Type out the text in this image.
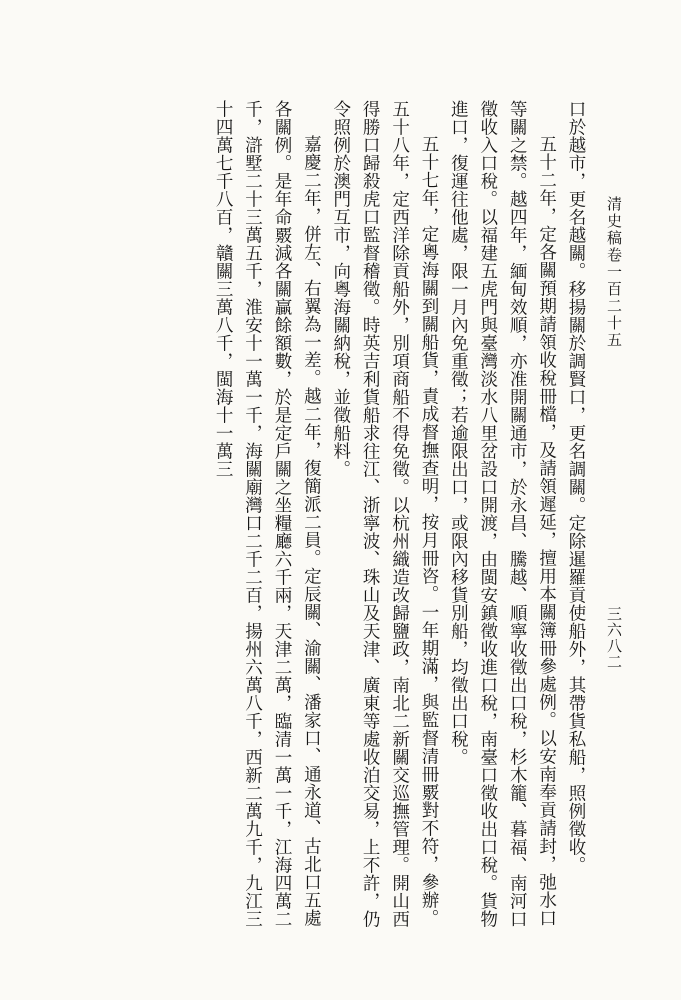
清史稿卷一百二十五

口於越市，更名越關。移揚關於調賢口，更名調關。定除暹羅貢使船外，其帶貨私船，照例徵收。

五十二年，定各關預期請領收稅冊檔，及請領遲延，擅用本關簿冊參處例。以安南奉貢請封，弛水口等關之禁。越四年，緬甸效順，亦准開關通市，於永昌、騰越、順寧收徵出口稅，杉木籠、暮福、南河口徵收入口稅。以福建五虎門與臺灣淡水八里岔設口開渡，由閩安鎮徵收進口稅，南臺口徵收出口稅。貨物進口，復運往他處，限一月內免重徵；若逾限出口，或限內移貨別船，均徵出口稅。

五十七年，定粵海關到關船貨，責成督撫查明，按月冊咨。一年期滿，與監督清冊覈對不符，參辦。五十八年，定西洋除貢船外，別項商船不得免徵。以杭州織造改歸鹽政，南北二新關交巡撫管理。開山西得勝口歸殺虎口監督稽徵。時英吉利貨船求往江、浙寧波、珠山及天津、廣東等處收泊交易，上不許，仍令照例於澳門互市，向粵海關納稅，並徵船料。

嘉慶二年，併左、右翼為一差。越二年，復簡派二員。定辰關、渝關、潘家口、通永道、古北口五處各關例。是年命覈減各關贏餘額數，於是定戶關之坐糧廳六千兩，天津二萬，臨清一萬一千，江海四萬二千，滸墅二十三萬五千，淮安十一萬一千，海關廟灣口二千二百，揚州六萬八千，西新二萬九千，九江三十四萬七千八百，贛關三萬八千，閩海十一萬三

三六八二
